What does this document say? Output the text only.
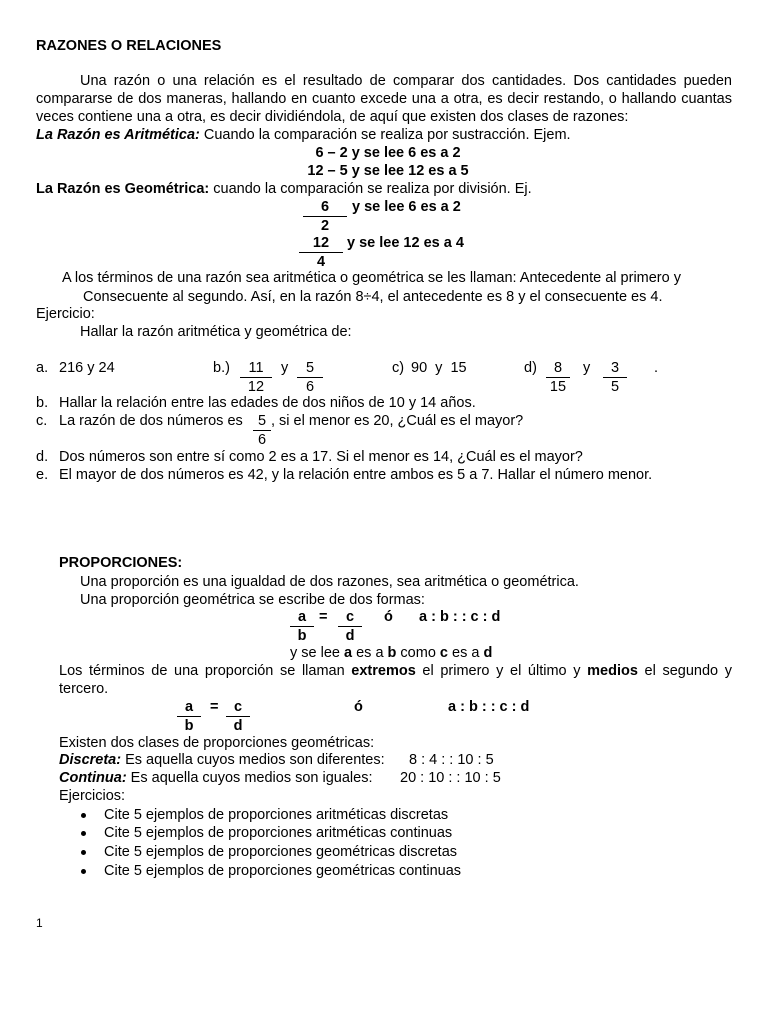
RAZONES O RELACIONES
Una razón o una relación es el resultado de comparar dos cantidades. Dos cantidades pueden compararse de dos maneras, hallando en cuanto excede una a otra, es decir restando, o hallando cuantas veces contiene una a otra, es decir dividiéndola, de aquí que existen dos clases de razones:
La Razón es Aritmética: Cuando la comparación se realiza por sustracción. Ejem.
6 – 2 y se lee 6 es a 2
12 – 5 y se lee 12 es a 5
La Razón es Geométrica: cuando la comparación se realiza por división. Ej.
$\frac{6}{2}$ y se lee 6 es a 2
$\frac{12}{4}$ y se lee 12 es a 4
A los términos de una razón sea aritmética o geométrica se les llaman: Antecedente al primero y
Consecuente al segundo. Así, en la razón 8÷4, el antecedente es 8 y el consecuente es 4.
Ejercicio:
Hallar la razón aritmética y geométrica de:
a. 216 y 24	$b.) \frac{11}{12}$ y $\frac{5}{6}$	c) 90  y  15	$d) \frac{8}{15}$ y $\frac{3}{5}$ .
b. Hallar la relación entre las edades de dos niños de 10 y 14 años.
c. La razón de dos números es $\frac{5}{6}$ , si el menor es 20, ¿Cuál es el mayor?
d. Dos números son entre sí como 2 es a 17. Si el menor es 14, ¿Cuál es el mayor?
e. El mayor de dos números es 42, y la relación entre ambos es 5 a 7. Hallar el número menor.
PROPORCIONES:
Una proporción es una igualdad de dos razones, sea aritmética o geométrica.
Una proporción geométrica se escribe de dos formas:
$\frac{a}{b} = \frac{c}{d}$ ó a : b : : c : d
y se lee a es a b como c es a d
Los términos de una proporción se llaman extremos el primero y el último y medios el segundo y tercero.
$\frac{a}{b} = \frac{c}{d}$	ó	a : b : : c : d
Existen dos clases de proporciones geométricas:
Discreta: Es aquella cuyos medios son diferentes: 8 : 4 : : 10 : 5
Continua: Es aquella cuyos medios son iguales: 20 : 10 : : 10 : 5
Ejercicios:
Cite 5 ejemplos de proporciones aritméticas discretas
Cite 5 ejemplos de proporciones aritméticas continuas
Cite 5 ejemplos de proporciones geométricas discretas
Cite 5 ejemplos de proporciones geométricas continuas
1
